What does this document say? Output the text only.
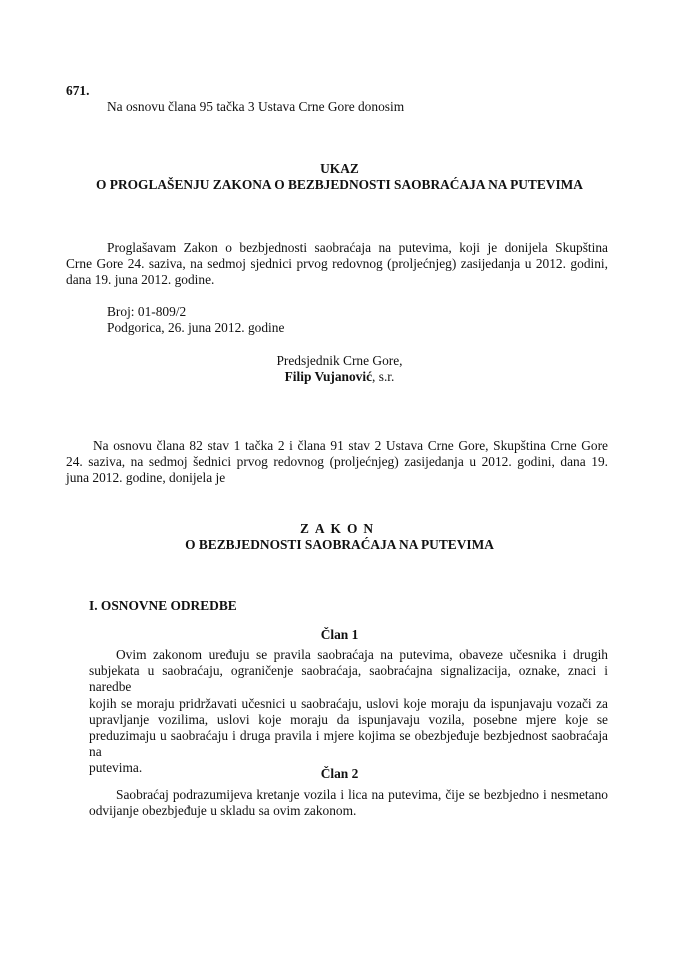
671.
Na osnovu člana 95 tačka 3 Ustava Crne Gore donosim
UKAZ
O PROGLAŠENJU ZAKONA O BEZBJEDNOSTI SAOBRAĆAJA NA PUTEVIMA
Proglašavam Zakon o bezbjednosti saobraćaja na putevima, koji je donijela Skupština
Crne Gore 24. saziva, na sedmoj sjednici prvog redovnog (proljećnjeg) zasijedanja u 2012. godini,
dana 19. juna 2012. godine.
Broj: 01-809/2
Podgorica, 26. juna 2012. godine
Predsjednik Crne Gore,
Filip Vujanović, s.r.
Na osnovu člana 82 stav 1 tačka 2 i člana 91 stav 2 Ustava Crne Gore, Skupština Crne Gore
24. saziva, na sedmoj šednici prvog redovnog (proljećnjeg) zasijedanja u 2012. godini, dana 19.
juna 2012. godine, donijela je
ZAKON
O BEZBJEDNOSTI SAOBRAĆAJA NA PUTEVIMA
I. OSNOVNE ODREDBE
Član 1
Ovim zakonom uređuju se pravila saobraćaja na putevima, obaveze učesnika i drugih
subjekata u saobraćaju, ograničenje saobraćaja, saobraćajna signalizacija, oznake, znaci i naredbe
kojih se moraju pridržavati učesnici u saobraćaju, uslovi koje moraju da ispunjavaju vozači za
upravljanje vozilima, uslovi koje moraju da ispunjavaju vozila, posebne mjere koje se
preduzimaju u saobraćaju i druga pravila i mjere kojima se obezbjeđuje bezbjednost saobraćaja na
putevima.	Član 2
Saobraćaj podrazumijeva kretanje vozila i lica na putevima, čije se bezbjedno i nesmetano
odvijanje obezbjeđuje u skladu sa ovim zakonom.
